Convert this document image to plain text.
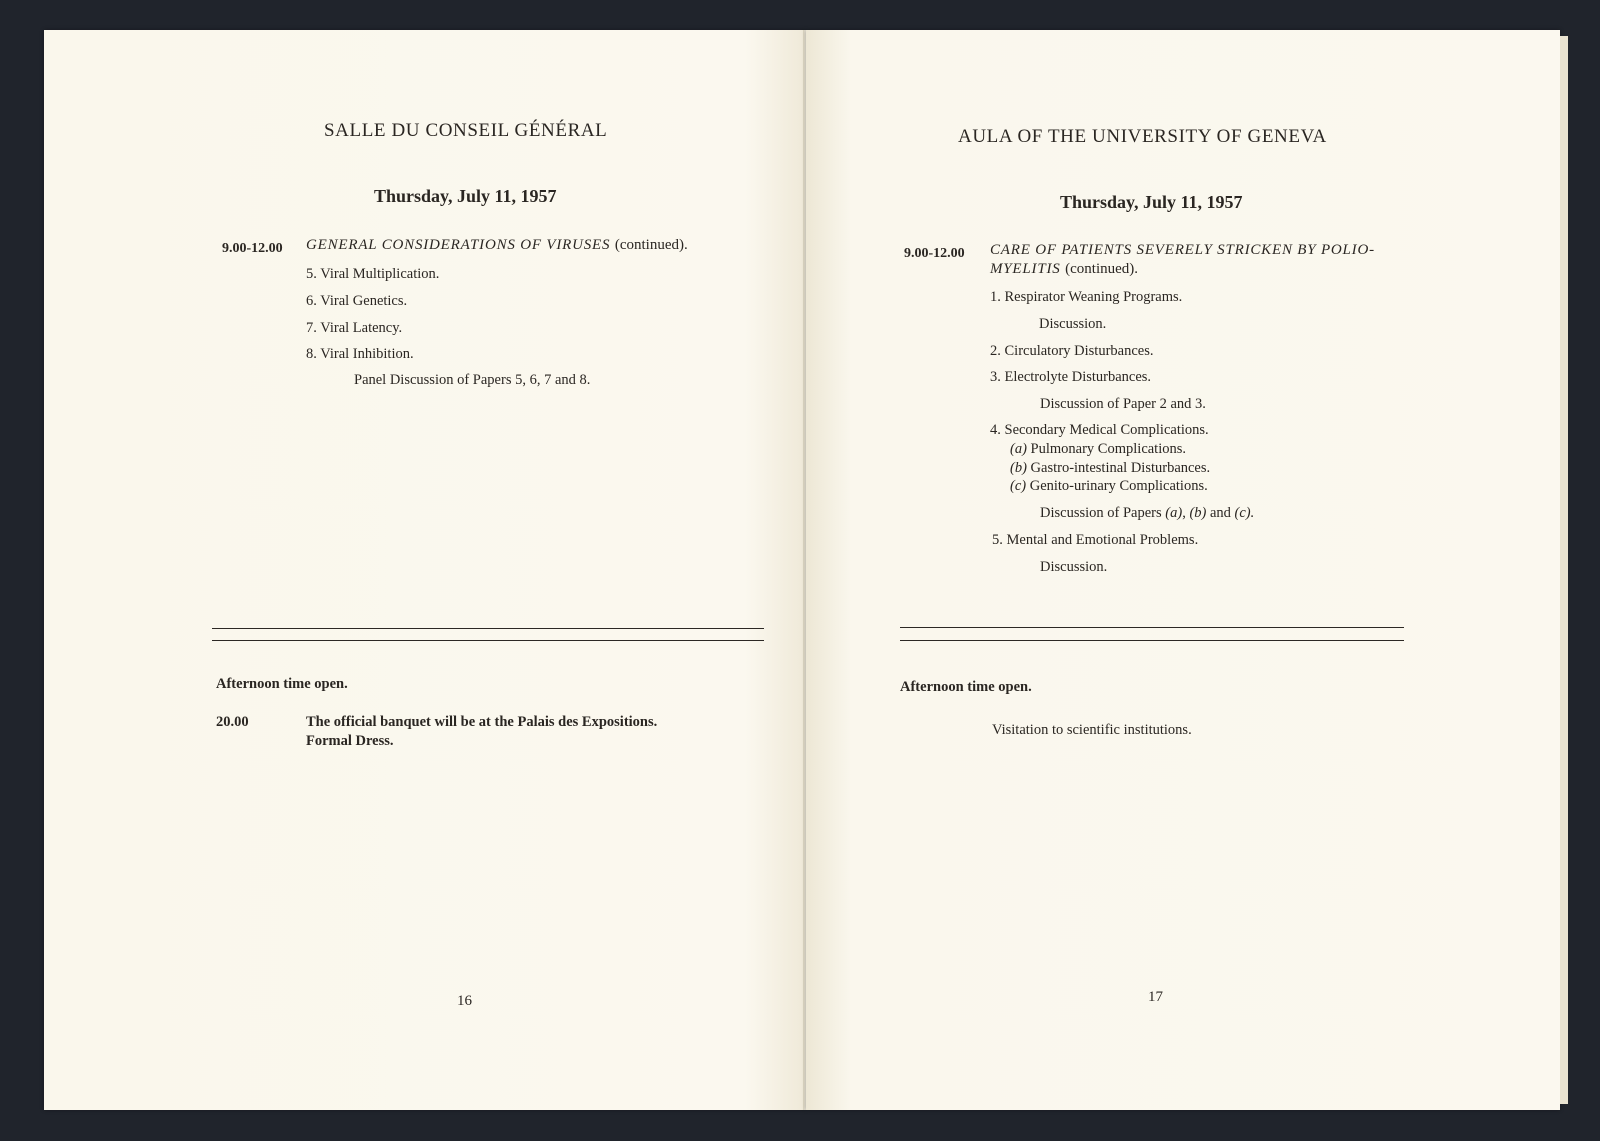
SALLE DU CONSEIL GÉNÉRAL
Thursday, July 11, 1957
9.00-12.00 GENERAL CONSIDERATIONS OF VIRUSES (continued).
5. Viral Multiplication.
6. Viral Genetics.
7. Viral Latency.
8. Viral Inhibition.
Panel Discussion of Papers 5, 6, 7 and 8.
Afternoon time open.
20.00	The official banquet will be at the Palais des Expositions.
Formal Dress.
16
AULA OF THE UNIVERSITY OF GENEVA
Thursday, July 11, 1957
9.00-12.00 CARE OF PATIENTS SEVERELY STRICKEN BY POLIO-
MYELITIS (continued).
1. Respirator Weaning Programs.
Discussion.
2. Circulatory Disturbances.
3. Electrolyte Disturbances.
Discussion of Paper 2 and 3.
4. Secondary Medical Complications.
(a) Pulmonary Complications.
(b) Gastro-intestinal Disturbances.
(c) Genito-urinary Complications.
Discussion of Papers (a), (b) and (c).
5. Mental and Emotional Problems.
Discussion.
Afternoon time open.
Visitation to scientific institutions.
17
